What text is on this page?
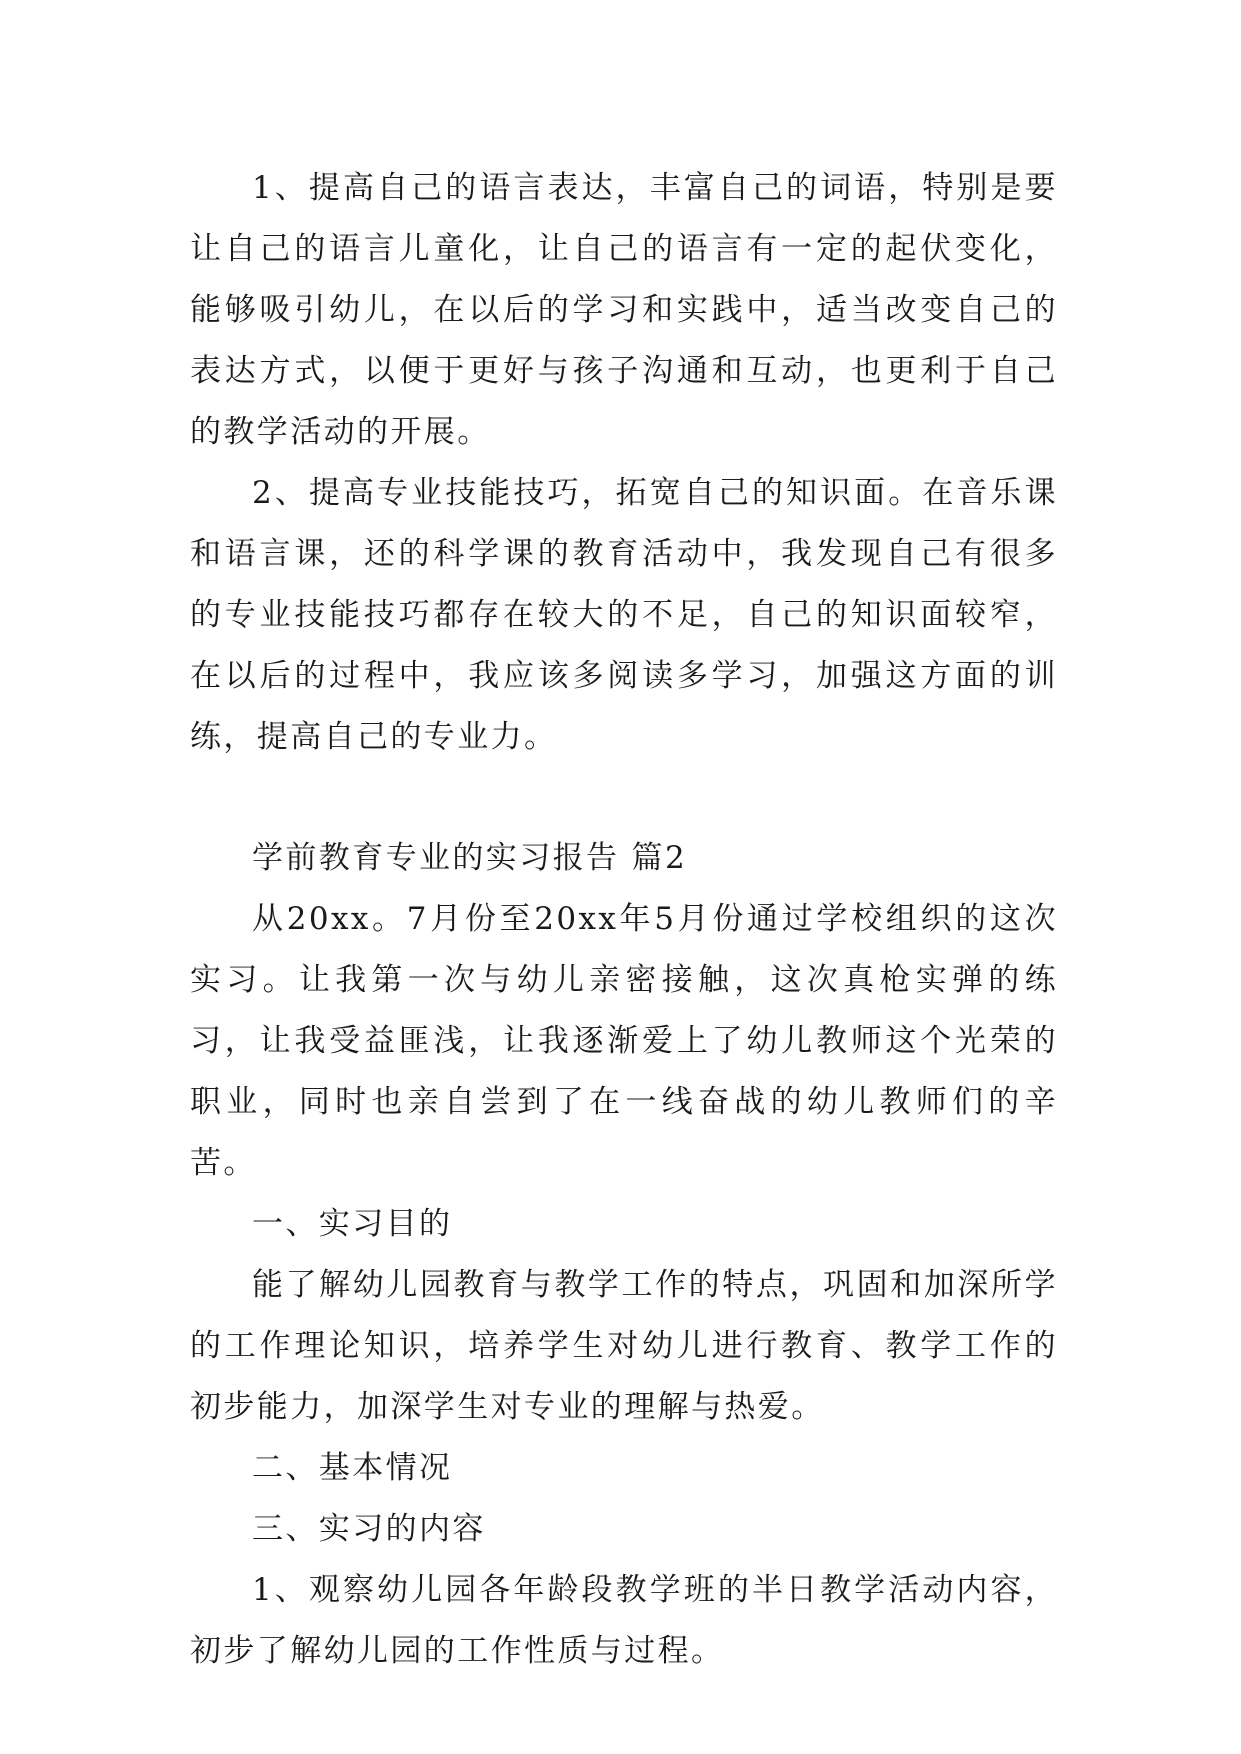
1、提高自己的语言表达，丰富自己的词语，特别是要让自己的语言儿童化，让自己的语言有一定的起伏变化，能够吸引幼儿，在以后的学习和实践中，适当改变自己的表达方式，以便于更好与孩子沟通和互动，也更利于自己的教学活动的开展。

2、提高专业技能技巧，拓宽自己的知识面。在音乐课和语言课，还的科学课的教育活动中，我发现自己有很多的专业技能技巧都存在较大的不足，自己的知识面较窄，在以后的过程中，我应该多阅读多学习，加强这方面的训练，提高自己的专业力。

学前教育专业的实习报告 篇2

从20xx。7月份至20xx年5月份通过学校组织的这次实习。让我第一次与幼儿亲密接触，这次真枪实弹的练习，让我受益匪浅，让我逐渐爱上了幼儿教师这个光荣的职业，同时也亲自尝到了在一线奋战的幼儿教师们的辛苦。

一、实习目的

能了解幼儿园教育与教学工作的特点，巩固和加深所学的工作理论知识，培养学生对幼儿进行教育、教学工作的初步能力，加深学生对专业的理解与热爱。

二、基本情况

三、实习的内容

1、观察幼儿园各年龄段教学班的半日教学活动内容，初步了解幼儿园的工作性质与过程。
